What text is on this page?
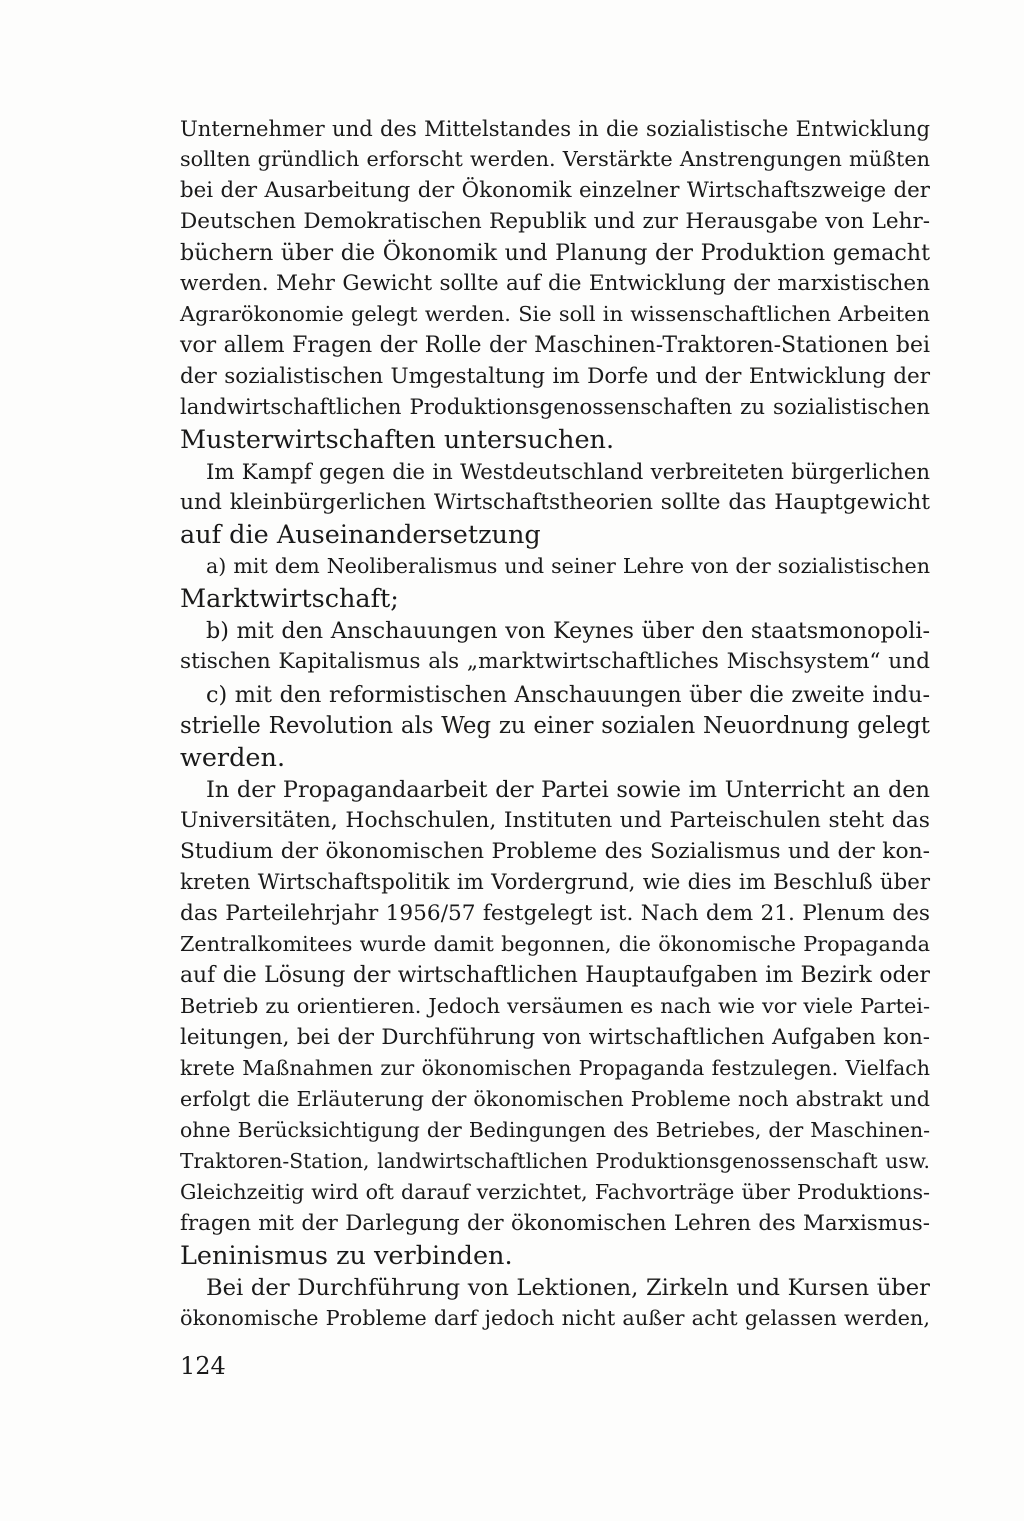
Unternehmer und des Mittelstandes in die sozialistische Entwicklung

sollten gründlich erforscht werden. Verstärkte Anstrengungen müßten

bei der Ausarbeitung der Ökonomik einzelner Wirtschaftszweige der

Deutschen Demokratischen Republik und zur Herausgabe von Lehr-

büchern über die Ökonomik und Planung der Produktion gemacht

werden. Mehr Gewicht sollte auf die Entwicklung der marxistischen

Agrarökonomie gelegt werden. Sie soll in wissenschaftlichen Arbeiten

vor allem Fragen der Rolle der Maschinen-Traktoren-Stationen bei

der sozialistischen Umgestaltung im Dorfe und der Entwicklung der

landwirtschaftlichen Produktionsgenossenschaften zu sozialistischen

Musterwirtschaften untersuchen.

Im Kampf gegen die in Westdeutschland verbreiteten bürgerlichen

und kleinbürgerlichen Wirtschaftstheorien sollte das Hauptgewicht

auf die Auseinandersetzung

a) mit dem Neoliberalismus und seiner Lehre von der sozialistischen

Marktwirtschaft;

b) mit den Anschauungen von Keynes über den staatsmonopoli-

stischen Kapitalismus als „marktwirtschaftliches Mischsystem“ und

c) mit den reformistischen Anschauungen über die zweite indu-

strielle Revolution als Weg zu einer sozialen Neuordnung gelegt

werden.

In der Propagandaarbeit der Partei sowie im Unterricht an den

Universitäten, Hochschulen, Instituten und Parteischulen steht das

Studium der ökonomischen Probleme des Sozialismus und der kon-

kreten Wirtschaftspolitik im Vordergrund, wie dies im Beschluß über

das Parteilehrjahr 1956/57 festgelegt ist. Nach dem 21. Plenum des

Zentralkomitees wurde damit begonnen, die ökonomische Propaganda

auf die Lösung der wirtschaftlichen Hauptaufgaben im Bezirk oder

Betrieb zu orientieren. Jedoch versäumen es nach wie vor viele Partei-

leitungen, bei der Durchführung von wirtschaftlichen Aufgaben kon-

krete Maßnahmen zur ökonomischen Propaganda festzulegen. Vielfach

erfolgt die Erläuterung der ökonomischen Probleme noch abstrakt und

ohne Berücksichtigung der Bedingungen des Betriebes, der Maschinen-

Traktoren-Station, landwirtschaftlichen Produktionsgenossenschaft usw.

Gleichzeitig wird oft darauf verzichtet, Fachvorträge über Produktions-

fragen mit der Darlegung der ökonomischen Lehren des Marxismus-

Leninismus zu verbinden.

Bei der Durchführung von Lektionen, Zirkeln und Kursen über

ökonomische Probleme darf jedoch nicht außer acht gelassen werden,

124
